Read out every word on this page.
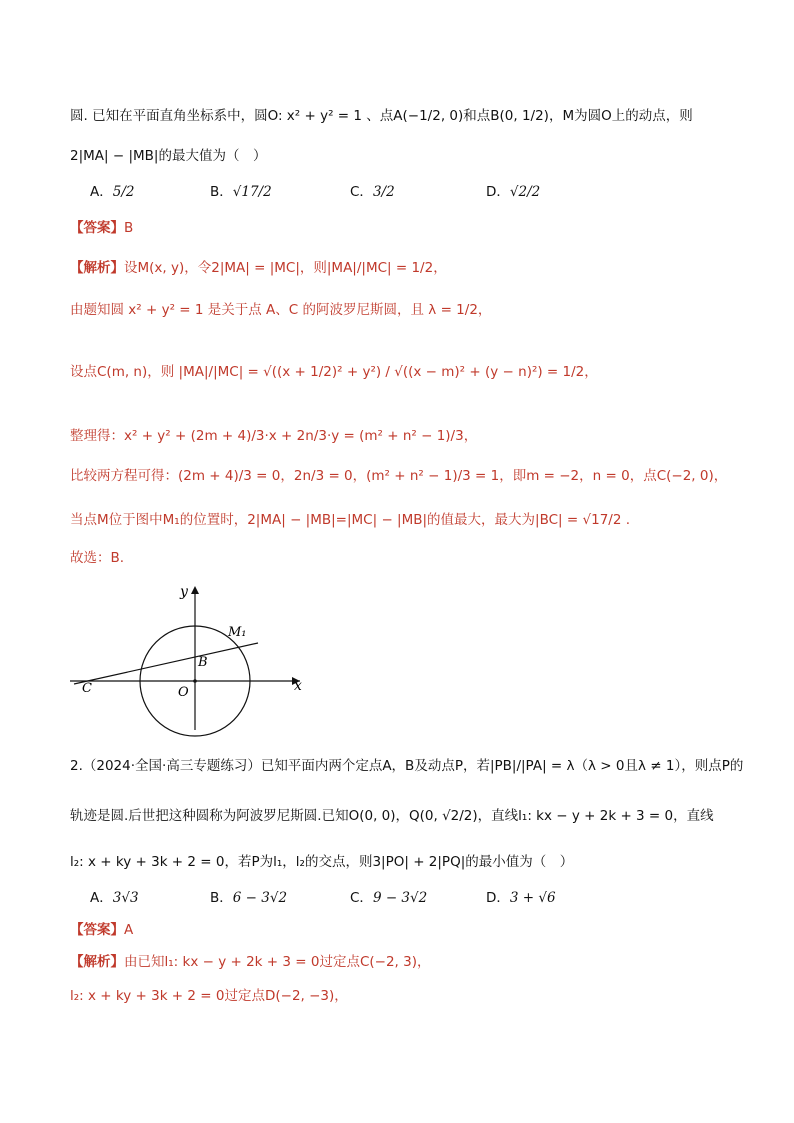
圆. 已知在平面直角坐标系中，圆O: x² + y² = 1 、点A(−1/2, 0)和点B(0, 1/2)，M为圆O上的动点，则
2|MA| − |MB|的最大值为（　）
A．5/2	B．√17/2	C．3/2	D．√2/2
【答案】B
【解析】设M(x, y)，令2|MA| = |MC|，则|MA|/|MC| = 1/2，
由题知圆 x² + y² = 1 是关于点 A、C 的阿波罗尼斯圆，且 λ = 1/2，
设点C(m, n)，则 |MA|/|MC| = √((x + 1/2)² + y²) / √((x − m)² + (y − n)²) = 1/2，
整理得：x² + y² + (2m + 4)/3·x + 2n/3·y = (m² + n² − 1)/3，
比较两方程可得：(2m + 4)/3 = 0，2n/3 = 0，(m² + n² − 1)/3 = 1，即m = −2，n = 0，点C(−2, 0)，
当点M位于图中M₁的位置时，2|MA| − |MB|=|MC| − |MB|的值最大，最大为|BC| = √17/2 .
故选：B.
y
x
O
B
C
M₁
2.（2024·全国·高三专题练习）已知平面内两个定点A，B及动点P，若|PB|/|PA| = λ（λ > 0且λ ≠ 1），则点P的
轨迹是圆.后世把这种圆称为阿波罗尼斯圆.已知O(0, 0)，Q(0, √2/2)，直线l₁: kx − y + 2k + 3 = 0，直线
l₂: x + ky + 3k + 2 = 0，若P为l₁，l₂的交点，则3|PO| + 2|PQ|的最小值为（　）
A．3√3	B．6 − 3√2	C．9 − 3√2	D．3 + √6
【答案】A
【解析】由已知l₁: kx − y + 2k + 3 = 0过定点C(−2, 3)，
l₂: x + ky + 3k + 2 = 0过定点D(−2, −3)，
